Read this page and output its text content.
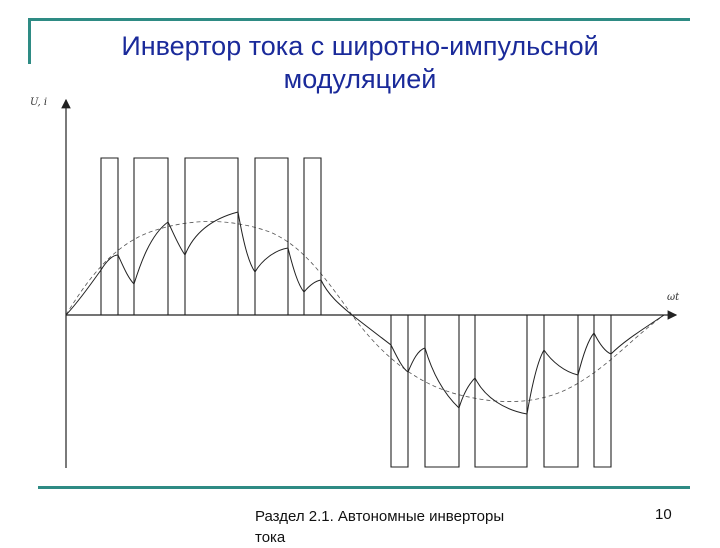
Инвертор тока с широтно-импульсной модуляцией
U, i
ωt
Раздел 2.1. Автономные инверторы тока
10
